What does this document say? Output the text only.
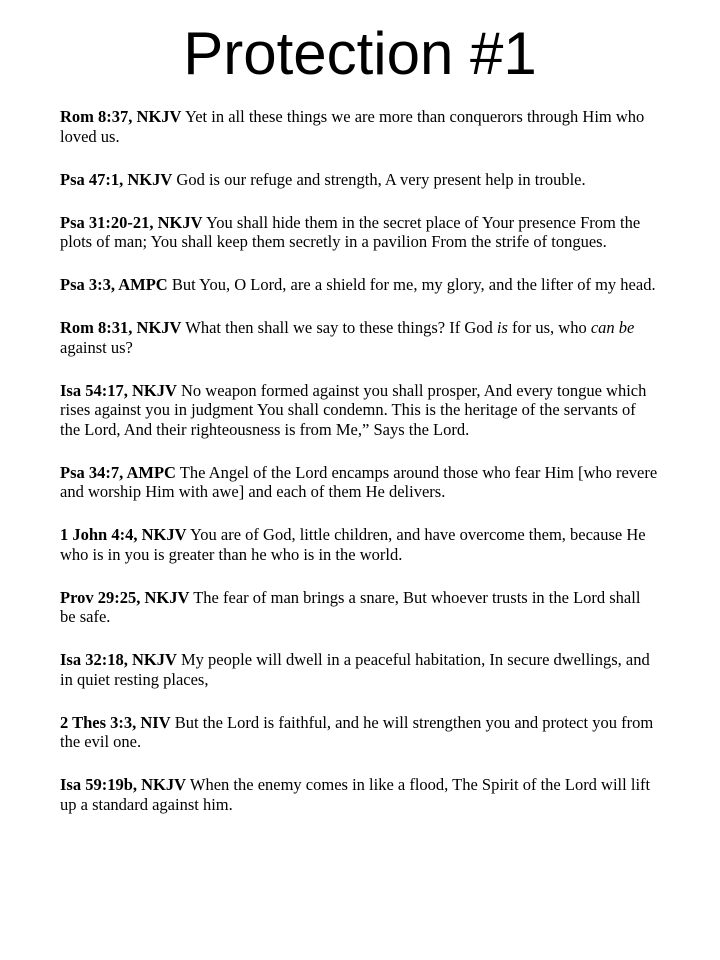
Protection #1

Rom 8:37, NKJV Yet in all these things we are more than conquerors through Him who loved us.

Psa 47:1, NKJV God is our refuge and strength, A very present help in trouble.

Psa 31:20-21, NKJV You shall hide them in the secret place of Your presence From the plots of man; You shall keep them secretly in a pavilion From the strife of tongues.

Psa 3:3, AMPC But You, O Lord, are a shield for me, my glory, and the lifter of my head.

Rom 8:31, NKJV What then shall we say to these things? If God is for us, who can be against us?

Isa 54:17, NKJV No weapon formed against you shall prosper, And every tongue which rises against you in judgment You shall condemn. This is the heritage of the servants of the Lord, And their righteousness is from Me,” Says the Lord.

Psa 34:7, AMPC The Angel of the Lord encamps around those who fear Him [who revere and worship Him with awe] and each of them He delivers.

1 John 4:4, NKJV You are of God, little children, and have overcome them, because He who is in you is greater than he who is in the world.

Prov 29:25, NKJV The fear of man brings a snare, But whoever trusts in the Lord shall be safe.

Isa 32:18, NKJV My people will dwell in a peaceful habitation, In secure dwellings, and in quiet resting places,

2 Thes 3:3, NIV But the Lord is faithful, and he will strengthen you and protect you from the evil one.

Isa 59:19b, NKJV When the enemy comes in like a flood, The Spirit of the Lord will lift up a standard against him.
